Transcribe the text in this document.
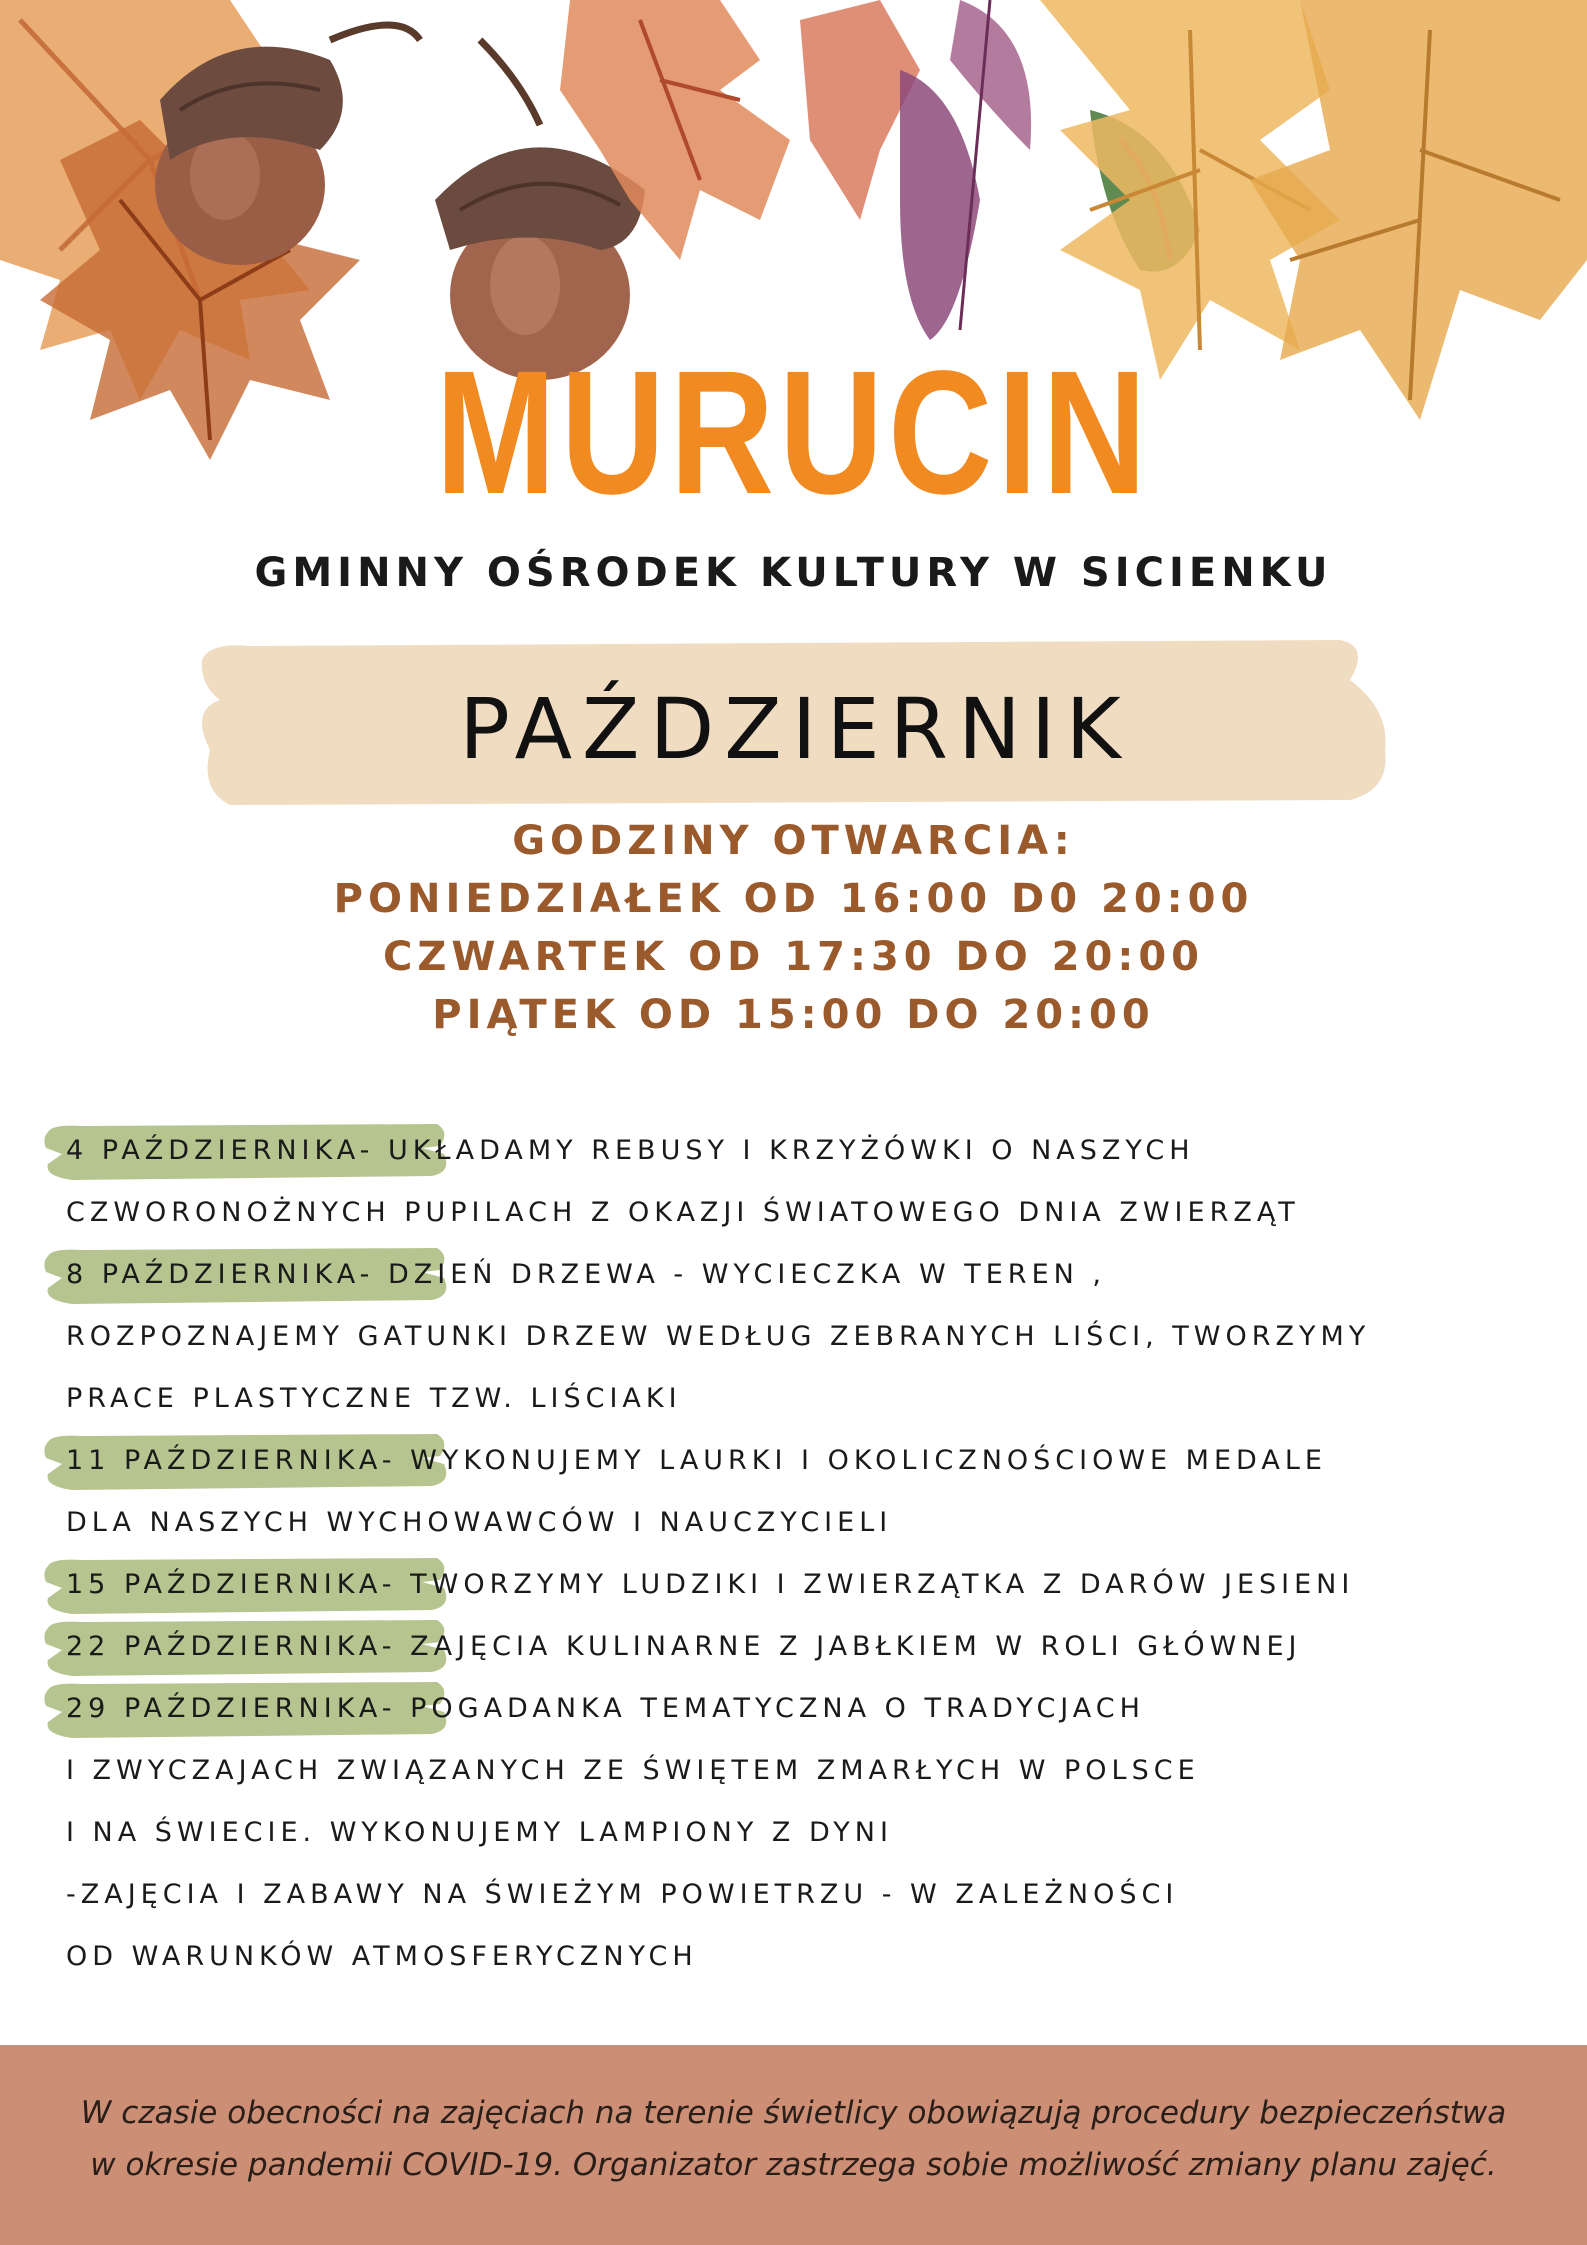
MURUCIN
GMINNY OŚRODEK KULTURY W SICIENKU
PAŹDZIERNIK
GODZINY OTWARCIA:
PONIEDZIAŁEK OD 16:00 D0 20:00
CZWARTEK OD 17:30 DO 20:00
PIĄTEK OD 15:00 DO 20:00
4 PAŹDZIERNIKA- UKŁADAMY REBUSY I KRZYŻÓWKI O NASZYCH
CZWORONOŻNYCH PUPILACH Z OKAZJI ŚWIATOWEGO DNIA ZWIERZĄT
8 PAŹDZIERNIKA- DZIEŃ DRZEWA - WYCIECZKA W TEREN ,
ROZPOZNAJEMY GATUNKI DRZEW WEDŁUG ZEBRANYCH LIŚCI, TWORZYMY
PRACE PLASTYCZNE TZW. LIŚCIAKI
11 PAŹDZIERNIKA- WYKONUJEMY LAURKI I OKOLICZNOŚCIOWE MEDALE
DLA NASZYCH WYCHOWAWCÓW I NAUCZYCIELI
15 PAŹDZIERNIKA- TWORZYMY LUDZIKI I ZWIERZĄTKA Z DARÓW JESIENI
22 PAŹDZIERNIKA- ZAJĘCIA KULINARNE Z JABŁKIEM W ROLI GŁÓWNEJ
29 PAŹDZIERNIKA- POGADANKA TEMATYCZNA O TRADYCJACH
I ZWYCZAJACH ZWIĄZANYCH ZE ŚWIĘTEM ZMARŁYCH W POLSCE
I NA ŚWIECIE. WYKONUJEMY LAMPIONY Z DYNI
-ZAJĘCIA I ZABAWY NA ŚWIEŻYM POWIETRZU - W ZALEŻNOŚCI
OD WARUNKÓW ATMOSFERYCZNYCH
W czasie obecności na zajęciach na terenie świetlicy obowiązują procedury bezpieczeństwa
w okresie pandemii COVID-19. Organizator zastrzega sobie możliwość zmiany planu zajęć.
